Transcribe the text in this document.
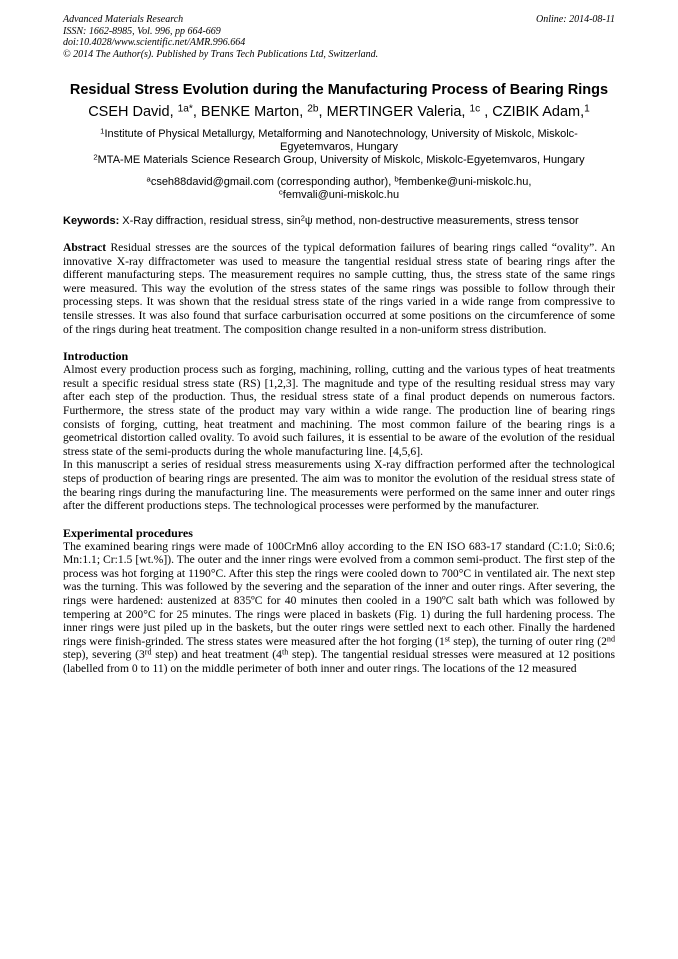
Advanced Materials Research
ISSN: 1662-8985, Vol. 996, pp 664-669
doi:10.4028/www.scientific.net/AMR.996.664
© 2014 The Author(s). Published by Trans Tech Publications Ltd, Switzerland.
Online: 2014-08-11
Residual Stress Evolution during the Manufacturing Process of Bearing Rings
CSEH David, $^{1a*}$, BENKE Marton, $^{2b}$, MERTINGER Valeria, $^{1c}$ , CZIBIK Adam,$^1$

$^1$Institute of Physical Metallurgy, Metalforming and Nanotechnology, University of Miskolc, Miskolc-Egyetemvaros, Hungary

$^2$MTA-ME Materials Science Research Group, University of Miskolc, Miskolc-Egyetemvaros, Hungary

$^a$cseh88david@gmail.com (corresponding author), $^b$fembenke@uni-miskolc.hu,
$^c$femvali@uni-miskolc.hu
Keywords: X-Ray diffraction, residual stress, $\sin^2\psi$ method, non-destructive measurements, stress tensor
Abstract Residual stresses are the sources of the typical deformation failures of bearing rings called “ovality”. An innovative X-ray diffractometer was used to measure the tangential residual stress state of bearing rings after the different manufacturing steps. The measurement requires no sample cutting, thus, the stress state of the same rings were measured. This way the evolution of the stress states of the same rings was possible to follow through their processing steps. It was shown that the residual stress state of the rings varied in a wide range from compressive to tensile stresses. It was also found that surface carburisation occurred at some positions on the circumference of some of the rings during heat treatment. The composition change resulted in a non-uniform stress distribution.
Introduction

Almost every production process such as forging, machining, rolling, cutting and the various types of heat treatments result a specific residual stress state (RS) [1,2,3]. The magnitude and type of the resulting residual stress may vary after each step of the production. Thus, the residual stress state of a final product depends on numerous factors. Furthermore, the stress state of the product may vary within a wide range. The production line of bearing rings consists of forging, cutting, heat treatment and machining. The most common failure of the bearing rings is a geometrical distortion called ovality. To avoid such failures, it is essential to be aware of the evolution of the residual stress state of the semi-products during the whole manufacturing line. [4,5,6].

In this manuscript a series of residual stress measurements using X-ray diffraction performed after the technological steps of production of bearing rings are presented. The aim was to monitor the evolution of the residual stress state of the bearing rings during the manufacturing line. The measurements were performed on the same inner and outer rings after the different productions steps. The technological processes were performed by the manufacturer.

Experimental procedures

The examined bearing rings were made of 100CrMn6 alloy according to the EN ISO 683-17 standard (C:1.0; Si:0.6; Mn:1.1; Cr:1.5 [wt.%]). The outer and the inner rings were evolved from a common semi-product. The first step of the process was hot forging at 1190°C. After this step the rings were cooled down to 700°C in ventilated air. The next step was the turning. This was followed by the severing and the separation of the inner and outer rings. After severing, the rings were hardened: austenized at 835ºC for 40 minutes then cooled in a 190ºC salt bath which was followed by tempering at 200°C for 25 minutes. The rings were placed in baskets (Fig. 1) during the full hardening process. The inner rings were just piled up in the baskets, but the outer rings were settled next to each other. Finally the hardened rings were finish-grinded. The stress states were measured after the hot forging (1st step), the turning of outer ring (2nd step), severing (3rd step) and heat treatment (4th step). The tangential residual stresses were measured at 12 positions (labelled from 0 to 11) on the middle perimeter of both inner and outer rings. The locations of the 12 measured
